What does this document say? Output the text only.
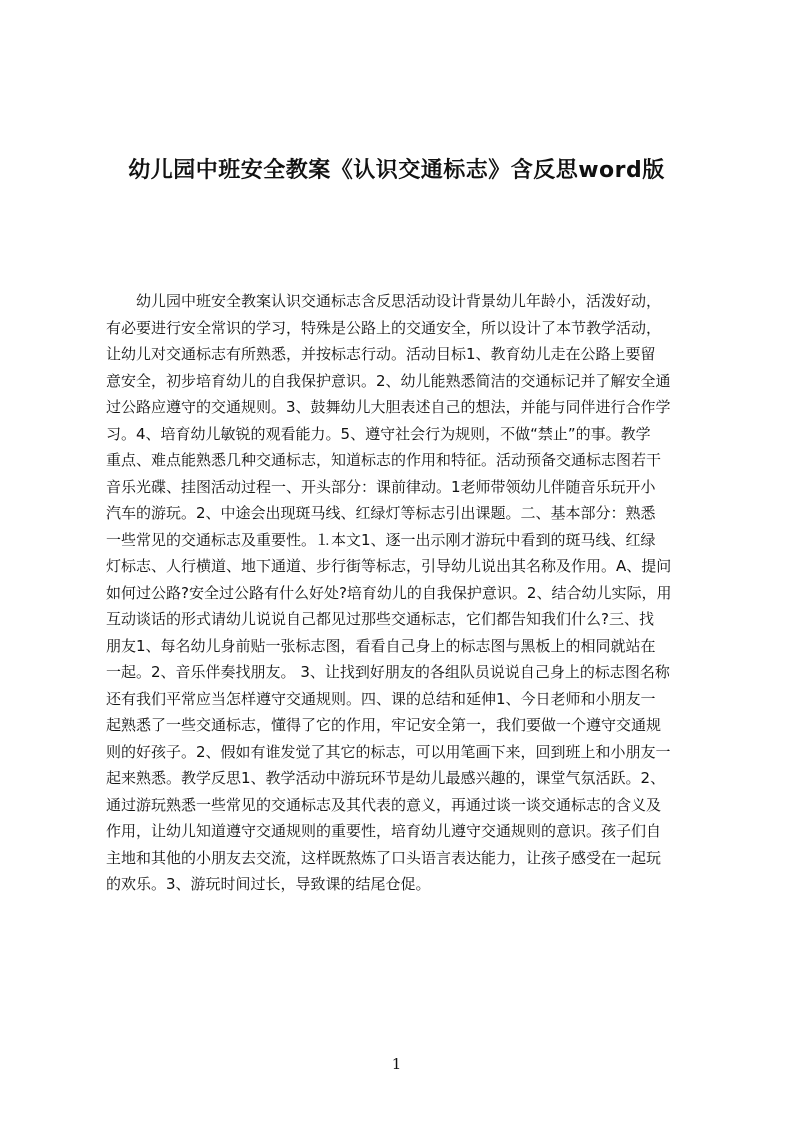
幼儿园中班安全教案《认识交通标志》含反思word版
幼儿园中班安全教案认识交通标志含反思活动设计背景幼儿年龄小，活泼好动，
有必要进行安全常识的学习，特殊是公路上的交通安全，所以设计了本节教学活动，
让幼儿对交通标志有所熟悉，并按标志行动。活动目标1、教育幼儿走在公路上要留
意安全，初步培育幼儿的自我保护意识。2、幼儿能熟悉简洁的交通标记并了解安全通
过公路应遵守的交通规则。3、鼓舞幼儿大胆表述自己的想法，并能与同伴进行合作学
习。4、培育幼儿敏锐的观看能力。5、遵守社会行为规则，不做“禁止”的事。教学
重点、难点能熟悉几种交通标志，知道标志的作用和特征。活动预备交通标志图若干
音乐光碟、挂图活动过程一、开头部分：课前律动。1老师带领幼儿伴随音乐玩开小
汽车的游玩。2、中途会出现斑马线、红绿灯等标志引出课题。二、基本部分：熟悉
一些常见的交通标志及重要性。⒈本文1、逐一出示刚才游玩中看到的斑马线、红绿
灯标志、人行横道、地下通道、步行街等标志，引导幼儿说出其名称及作用。A、提问
如何过公路?安全过公路有什么好处?培育幼儿的自我保护意识。2、结合幼儿实际，用
互动谈话的形式请幼儿说说自己都见过那些交通标志，它们都告知我们什么?三、找
朋友1、每名幼儿身前贴一张标志图，看看自己身上的标志图与黑板上的相同就站在
一起。2、音乐伴奏找朋友。 3、让找到好朋友的各组队员说说自己身上的标志图名称
还有我们平常应当怎样遵守交通规则。四、课的总结和延伸1、今日老师和小朋友一
起熟悉了一些交通标志，懂得了它的作用，牢记安全第一，我们要做一个遵守交通规
则的好孩子。2、假如有谁发觉了其它的标志，可以用笔画下来，回到班上和小朋友一
起来熟悉。教学反思1、教学活动中游玩环节是幼儿最感兴趣的，课堂气氛活跃。2、
通过游玩熟悉一些常见的交通标志及其代表的意义，再通过谈一谈交通标志的含义及
作用，让幼儿知道遵守交通规则的重要性，培育幼儿遵守交通规则的意识。孩子们自
主地和其他的小朋友去交流，这样既熬炼了口头语言表达能力，让孩子感受在一起玩
的欢乐。3、游玩时间过长，导致课的结尾仓促。
1
